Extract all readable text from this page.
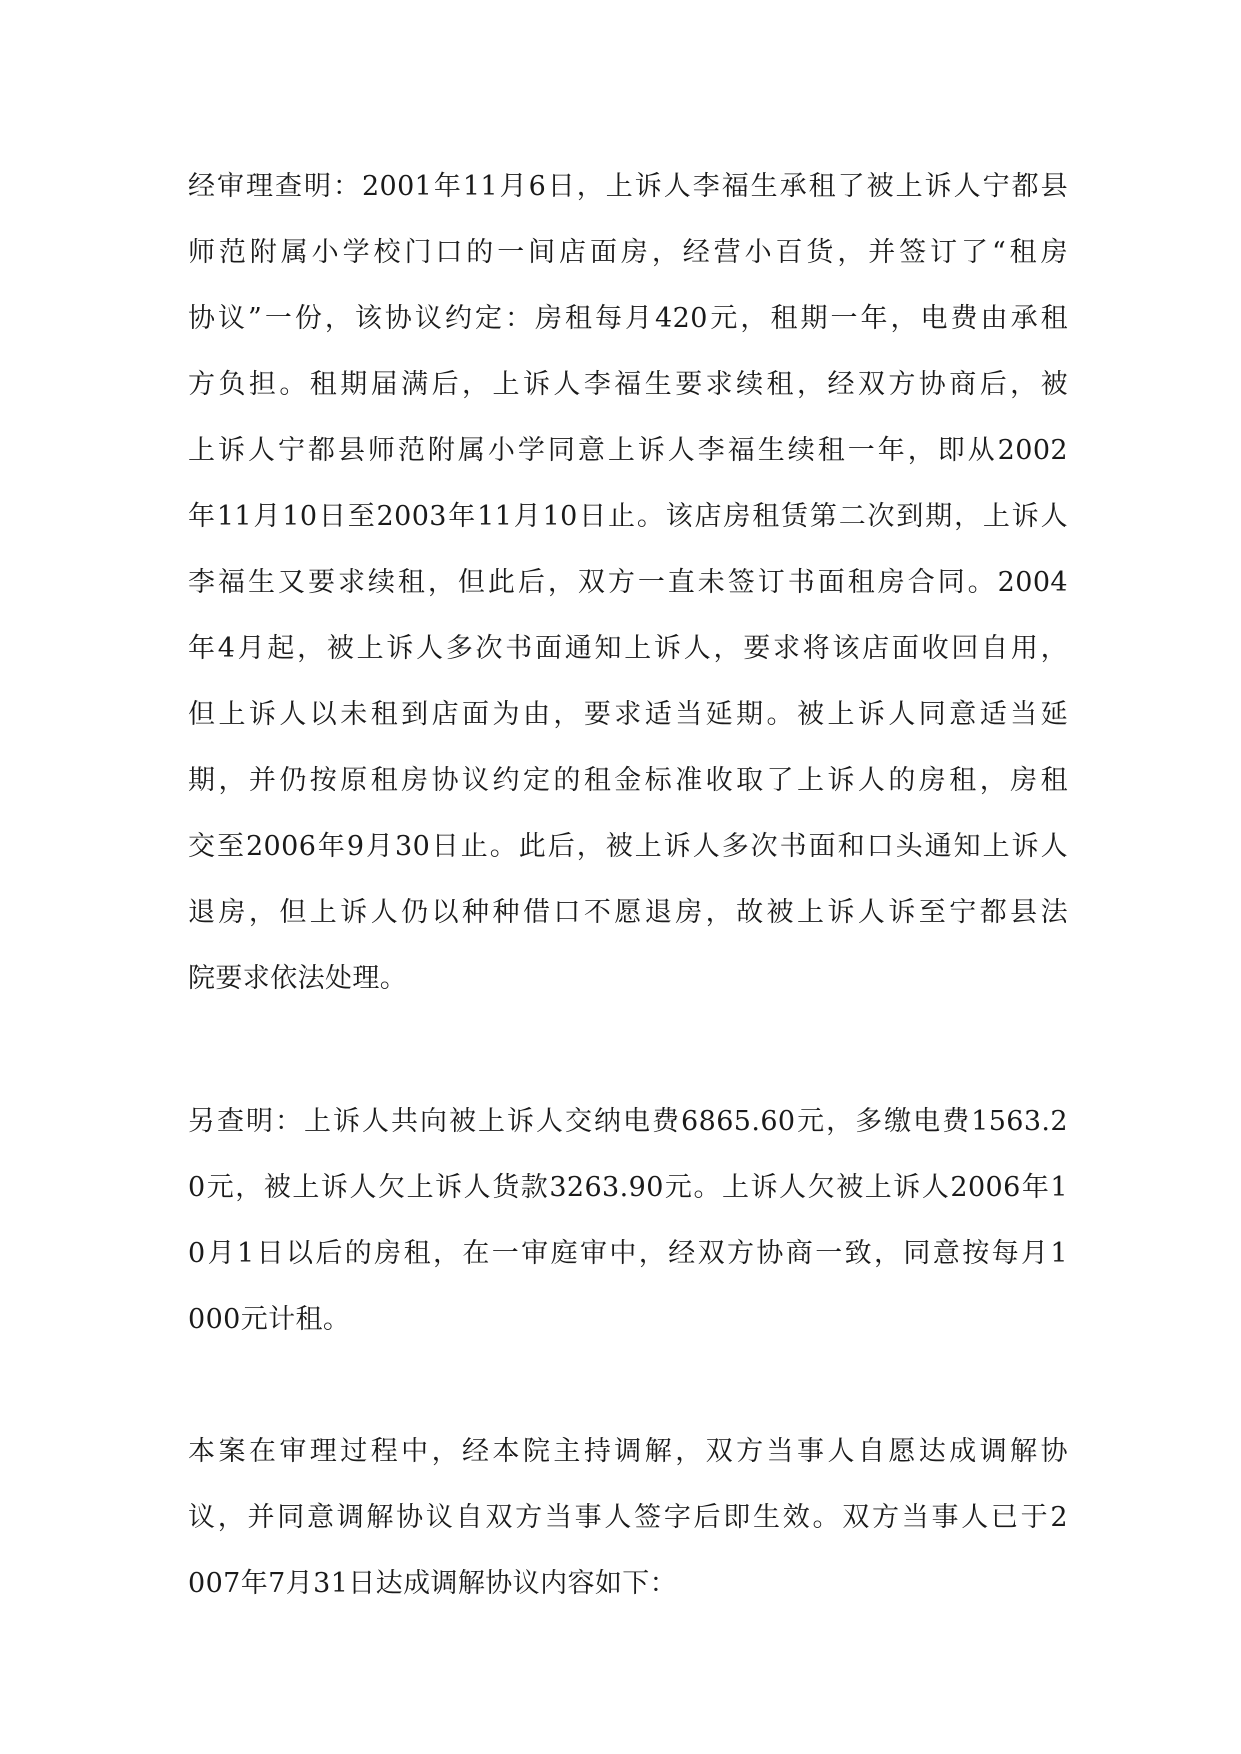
经审理查明：2001年11月6日，上诉人李福生承租了被上诉人宁都县
师范附属小学校门口的一间店面房，经营小百货，并签订了“租房
协议”一份，该协议约定：房租每月420元，租期一年，电费由承租
方负担。租期届满后，上诉人李福生要求续租，经双方协商后，被
上诉人宁都县师范附属小学同意上诉人李福生续租一年，即从2002
年11月10日至2003年11月10日止。该店房租赁第二次到期，上诉人
李福生又要求续租，但此后，双方一直未签订书面租房合同。2004
年4月起，被上诉人多次书面通知上诉人，要求将该店面收回自用，
但上诉人以未租到店面为由，要求适当延期。被上诉人同意适当延
期，并仍按原租房协议约定的租金标准收取了上诉人的房租，房租
交至2006年9月30日止。此后，被上诉人多次书面和口头通知上诉人
退房，但上诉人仍以种种借口不愿退房，故被上诉人诉至宁都县法
院要求依法处理。
另查明：上诉人共向被上诉人交纳电费6865.60元，多缴电费1563.2
0元，被上诉人欠上诉人货款3263.90元。上诉人欠被上诉人2006年1
0月1日以后的房租，在一审庭审中，经双方协商一致，同意按每月1
000元计租。
本案在审理过程中，经本院主持调解，双方当事人自愿达成调解协
议，并同意调解协议自双方当事人签字后即生效。双方当事人已于2
007年7月31日达成调解协议内容如下：
